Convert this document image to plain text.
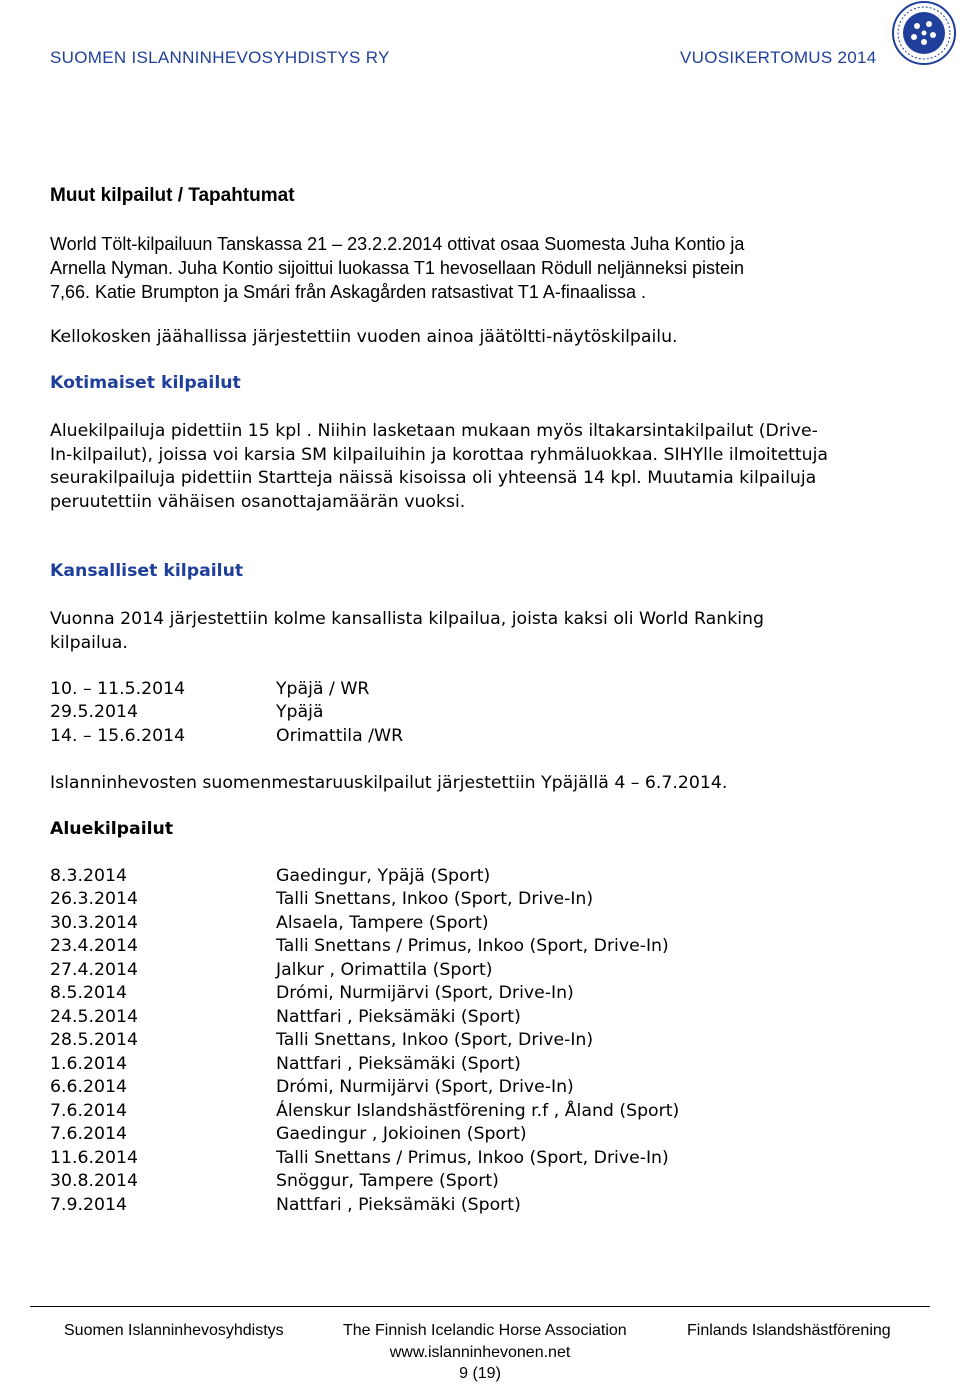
SUOMEN ISLANNINHEVOSYHDISTYS RY	VUOSIKERTOMUS 2014
Muut kilpailut / Tapahtumat

World Tölt-kilpailuun Tanskassa 21 – 23.2.2.2014 ottivat osaa Suomesta Juha Kontio ja

Arnella Nyman. Juha Kontio sijoittui luokassa T1 hevosellaan Rödull neljänneksi pistein

7,66. Katie Brumpton ja Smári från Askagården ratsastivat T1 A-finaalissa .

Kellokosken jäähallissa järjestettiin vuoden ainoa jäätöltti-näytöskilpailu.

Kotimaiset kilpailut

Aluekilpailuja pidettiin 15 kpl . Niihin lasketaan mukaan myös iltakarsintakilpailut (Drive-

In-kilpailut), joissa voi karsia SM kilpailuihin ja korottaa ryhmäluokkaa. SIHYlle ilmoitettuja

seurakilpailuja pidettiin Startteja näissä kisoissa oli yhteensä 14 kpl. Muutamia kilpailuja

peruutettiin vähäisen osanottajamäärän vuoksi.

Kansalliset kilpailut

Vuonna 2014 järjestettiin kolme kansallista kilpailua, joista kaksi oli World Ranking

kilpailua.

10. – 11.5.2014	Ypäjä / WR
29.5.2014	Ypäjä
14. – 15.6.2014	Orimattila /WR

Islanninhevosten suomenmestaruuskilpailut järjestettiin Ypäjällä 4 – 6.7.2014.

Aluekilpailut
8.3.2014	Gaedingur, Ypäjä (Sport)
26.3.2014	Talli Snettans, Inkoo (Sport, Drive-In)
30.3.2014	Alsaela, Tampere (Sport)
23.4.2014	Talli Snettans / Primus, Inkoo (Sport, Drive-In)
27.4.2014	Jalkur , Orimattila (Sport)
8.5.2014	Drómi, Nurmijärvi (Sport, Drive-In)
24.5.2014	Nattfari , Pieksämäki (Sport)
28.5.2014	Talli Snettans, Inkoo (Sport, Drive-In)
1.6.2014	Nattfari , Pieksämäki (Sport)
6.6.2014	Drómi, Nurmijärvi (Sport, Drive-In)
7.6.2014	Álenskur Islandshästförening r.f , Åland (Sport)
7.6.2014	Gaedingur , Jokioinen (Sport)
11.6.2014	Talli Snettans / Primus, Inkoo (Sport, Drive-In)
30.8.2014	Snöggur, Tampere (Sport)
7.9.2014	Nattfari , Pieksämäki (Sport)
Suomen Islanninhevosyhdistys	The Finnish Icelandic Horse Association	Finlands Islandshästförening
www.islanninhevonen.net
9 (19)
